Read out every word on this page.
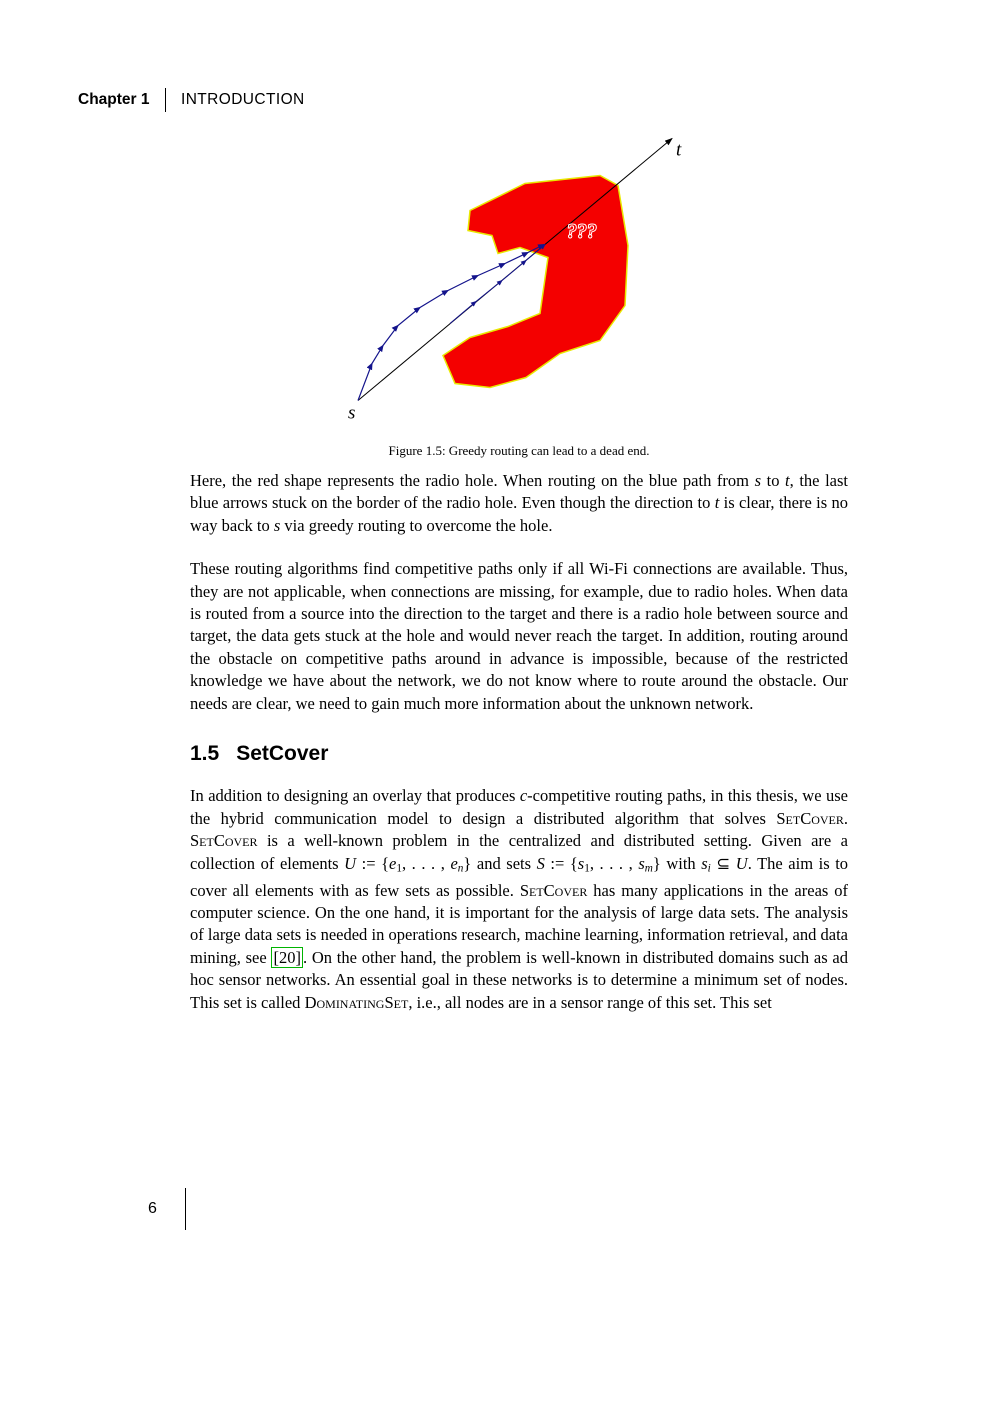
Chapter 1 INTRODUCTION
???
s
t
Figure 1.5: Greedy routing can lead to a dead end.

Here, the red shape represents the radio hole. When routing on the blue path from s to t, the last blue arrows stuck on the border of the radio hole. Even though the direction to t is clear, there is no way back to s via greedy routing to overcome the hole.

These routing algorithms find competitive paths only if all Wi-Fi connections are available. Thus, they are not applicable, when connections are missing, for example, due to radio holes. When data is routed from a source into the direction to the target and there is a radio hole between source and target, the data gets stuck at the hole and would never reach the target. In addition, routing around the obstacle on competitive paths around in advance is impossible, because of the restricted knowledge we have about the network, we do not know where to route around the obstacle. Our needs are clear, we need to gain much more information about the unknown network.

1.5 SetCover

In addition to designing an overlay that produces c-competitive routing paths, in this thesis, we use the hybrid communication model to design a distributed algorithm that solves SetCover. SetCover is a well-known problem in the centralized and distributed setting. Given are a collection of elements U := {e1, . . . , en} and sets S := {s1, . . . , sm} with si ⊆ U. The aim is to cover all elements with as few sets as possible. SetCover has many applications in the areas of computer science. On the one hand, it is important for the analysis of large data sets. The analysis of large data sets is needed in operations research, machine learning, information retrieval, and data mining, see [20] . On the other hand, the problem is well-known in distributed domains such as ad hoc sensor networks. An essential goal in these networks is to determine a minimum set of nodes. This set is called DominatingSet, i.e., all nodes are in a sensor range of this set. This set

6
